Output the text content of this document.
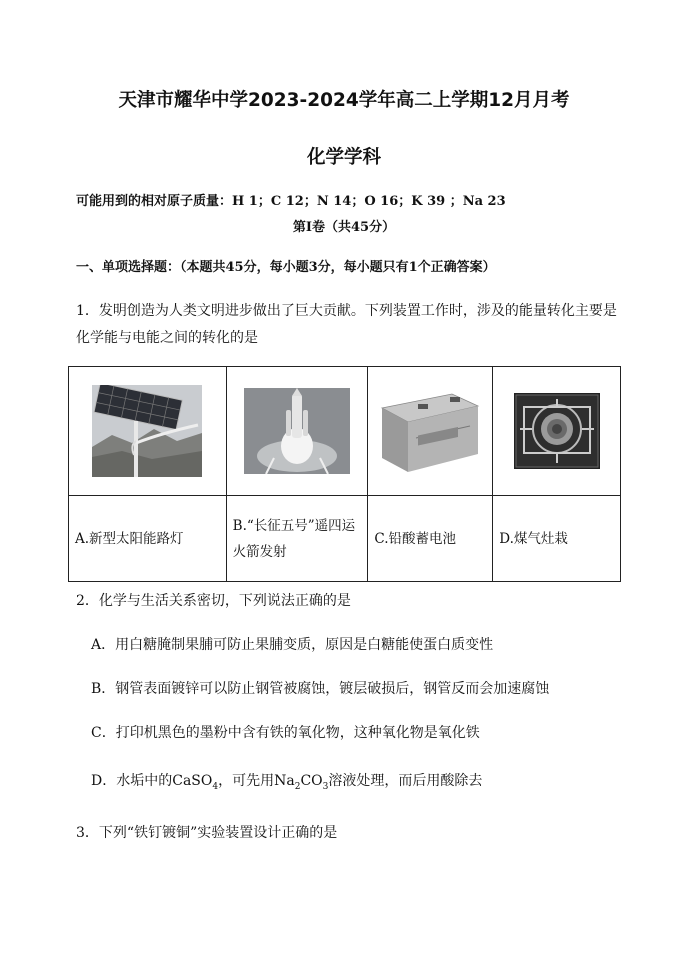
天津市耀华中学2023-2024学年高二上学期12月月考
化学学科
可能用到的相对原子质量：H 1；C 12；N 14；O 16；K 39 ；Na 23
第Ⅰ卷（共45分）
一、单项选择题：（本题共45分，每小题3分，每小题只有1个正确答案）
1．发明创造为人类文明进步做出了巨大贡献。下列装置工作时，涉及的能量转化主要是化学能与电能之间的转化的是

A.新型太阳能路灯	B.“长征五号”遥四运火箭发射	C.铅酸蓄电池	D.煤气灶栽
2．化学与生活关系密切，下列说法正确的是
A．用白糖腌制果脯可防止果脯变质，原因是白糖能使蛋白质变性
B．钢管表面镀锌可以防止钢管被腐蚀，镀层破损后，钢管反而会加速腐蚀
C．打印机黑色的墨粉中含有铁的氧化物，这种氧化物是氧化铁
D．水垢中的CaSO$_4$，可先用$Na_2CO_3$溶液处理，而后用酸除去
3．下列“铁钉镀铜”实验装置设计正确的是
